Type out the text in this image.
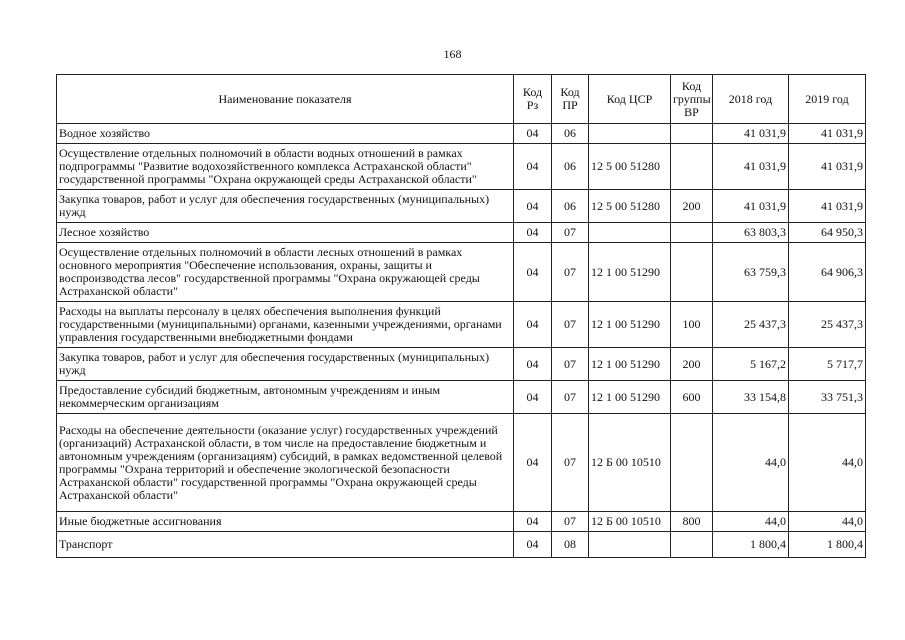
168
Наименование показателя	Код Рз	Код ПР	Код ЦСР	Код группы ВР	2018 год	2019 год
Водное хозяйство	04	06			41 031,9	41 031,9
Осуществление отдельных полномочий в области водных отношений в рамках подпрограммы "Развитие водохозяйственного комплекса Астраханской области" государственной программы "Охрана окружающей среды Астраханской области"	04	06	12 5 00 51280		41 031,9	41 031,9
Закупка товаров, работ и услуг для обеспечения государственных (муниципальных) нужд	04	06	12 5 00 51280	200	41 031,9	41 031,9
Лесное хозяйство	04	07			63 803,3	64 950,3
Осуществление отдельных полномочий в области лесных отношений в рамках основного мероприятия "Обеспечение использования, охраны, защиты и воспроизводства лесов" государственной программы "Охрана окружающей среды Астраханской области"	04	07	12 1 00 51290		63 759,3	64 906,3
Расходы на выплаты персоналу в целях обеспечения выполнения функций государственными (муниципальными) органами, казенными учреждениями, органами управления государственными внебюджетными фондами	04	07	12 1 00 51290	100	25 437,3	25 437,3
Закупка товаров, работ и услуг для обеспечения государственных (муниципальных) нужд	04	07	12 1 00 51290	200	5 167,2	5 717,7
Предоставление субсидий бюджетным, автономным учреждениям и иным некоммерческим организациям	04	07	12 1 00 51290	600	33 154,8	33 751,3
Расходы на обеспечение деятельности (оказание услуг) государственных учреждений (организаций) Астраханской области, в том числе на предоставление бюджетным и автономным учреждениям (организациям) субсидий, в рамках ведомственной целевой программы "Охрана территорий и обеспечение экологической безопасности Астраханской области" государственной программы "Охрана окружающей среды Астраханской области"	04	07	12 Б 00 10510		44,0	44,0
Иные бюджетные ассигнования	04	07	12 Б 00 10510	800	44,0	44,0
Транспорт	04	08			1 800,4	1 800,4
